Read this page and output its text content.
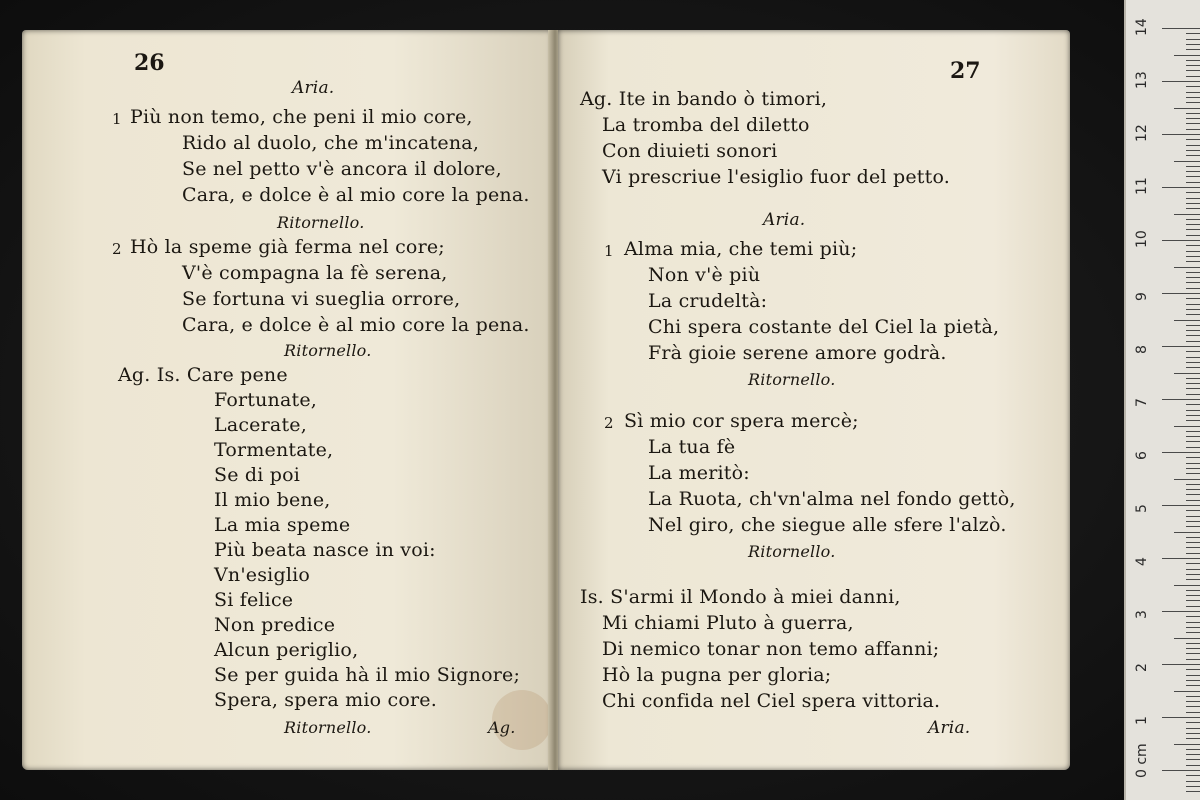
26
Aria.
1 Più non temo, che peni il mio core,
Rido al duolo, che m'incatena,
Se nel petto v'è ancora il dolore,
Cara, e dolce è al mio core la pena.
Ritornello.
2 Hò la speme già ferma nel core;
V'è compagna la fè serena,
Se fortuna vi sueglia orrore,
Cara, e dolce è al mio core la pena.
Ritornello.
Ag. Is. Care pene
Fortunate,
Lacerate,
Tormentate,
Se di poi
Il mio bene,
La mia speme
Più beata nasce in voi:
Vn'esiglio
Si felice
Non predice
Alcun periglio,
Se per guida hà il mio Signore;
Spera, spera mio core.
Ritornello.	Ag.
27
Ag. Ite in bando ò timori,
La tromba del diletto
Con diuieti sonori
Vi prescriue l'esiglio fuor del petto.
Aria.
1 Alma mia, che temi più;
Non v'è più
La crudeltà:
Chi spera costante del Ciel la pietà,
Frà gioie serene amore godrà.
Ritornello.
2 Sì mio cor spera mercè;
La tua fè
La meritò:
La Ruota, ch'vn'alma nel fondo gettò,
Nel giro, che siegue alle sfere l'alzò.
Ritornello.
Is. S'armi il Mondo à miei danni,
Mi chiami Pluto à guerra,
Di nemico tonar non temo affanni;
Hò la pugna per gloria;
Chi confida nel Ciel spera vittoria.
Aria.
14
13
12
11
10
9
8
7
6
5
4
3
2
1
0 cm
